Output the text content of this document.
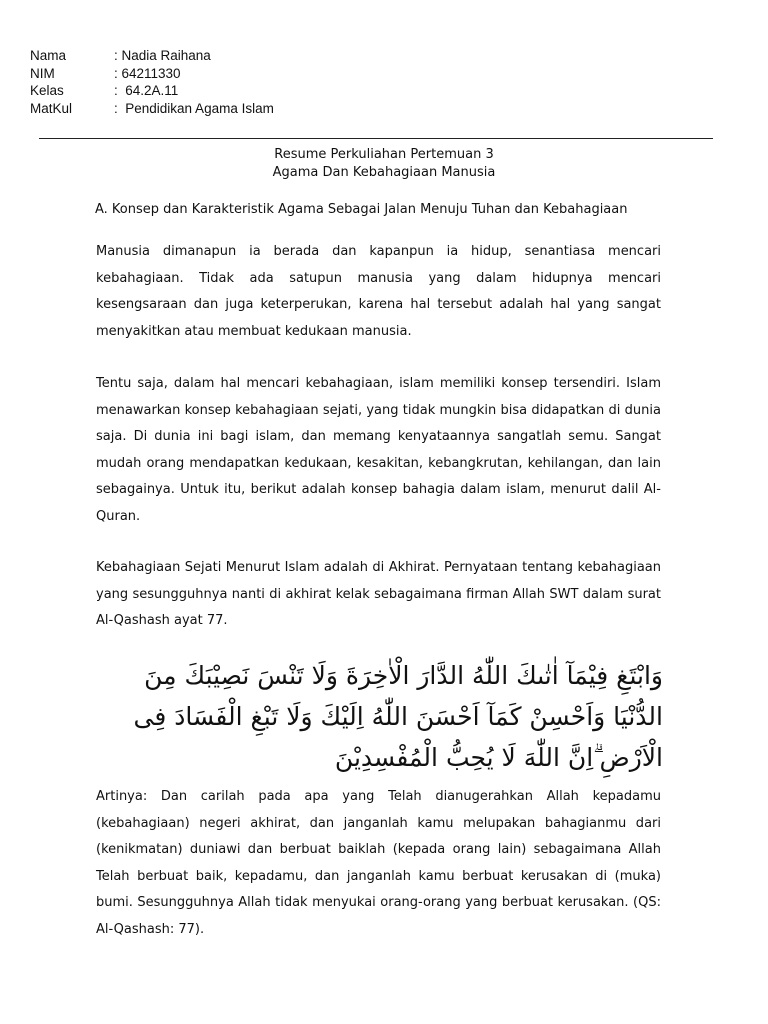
Nama	: Nadia Raihana
NIM	: 64211330
Kelas	:  64.2A.11
MatKul	:  Pendidikan Agama Islam
Resume Perkuliahan Pertemuan 3
Agama Dan Kebahagiaan Manusia
A. Konsep dan Karakteristik Agama Sebagai Jalan Menuju Tuhan dan Kebahagiaan

Manusia dimanapun ia berada dan kapanpun ia hidup, senantiasa mencari kebahagiaan. Tidak ada satupun manusia yang dalam hidupnya mencari kesengsaraan dan juga keterperukan, karena hal tersebut adalah hal yang sangat menyakitkan atau membuat kedukaan manusia.

Tentu saja, dalam hal mencari kebahagiaan, islam memiliki konsep tersendiri. Islam menawarkan konsep kebahagiaan sejati, yang tidak mungkin bisa didapatkan di dunia saja. Di dunia ini bagi islam, dan memang kenyataannya sangatlah semu. Sangat mudah orang mendapatkan kedukaan, kesakitan, kebangkrutan, kehilangan, dan lain sebagainya. Untuk itu, berikut adalah konsep bahagia dalam islam, menurut dalil Al-Quran.

Kebahagiaan Sejati Menurut Islam adalah di Akhirat. Pernyataan tentang kebahagiaan yang sesungguhnya nanti di akhirat kelak sebagaimana firman Allah SWT dalam surat Al-Qashash ayat 77.

وَابْتَغِ فِيْمَآ اٰتٰىكَ اللّٰهُ الدَّارَ الْاٰخِرَةَ وَلَا تَنْسَ نَصِيْبَكَ مِنَ الدُّنْيَا وَاَحْسِنْ كَمَآ اَحْسَنَ اللّٰهُ اِلَيْكَ وَلَا تَبْغِ الْفَسَادَ فِى الْاَرْضِ ۗاِنَّ اللّٰهَ لَا يُحِبُّ الْمُفْسِدِيْنَ

Artinya: Dan carilah pada apa yang Telah dianugerahkan Allah kepadamu (kebahagiaan) negeri akhirat, dan janganlah kamu melupakan bahagianmu dari (kenikmatan) duniawi dan berbuat baiklah (kepada orang lain) sebagaimana Allah Telah berbuat baik, kepadamu, dan janganlah kamu berbuat kerusakan di (muka) bumi. Sesungguhnya Allah tidak menyukai orang-orang yang berbuat kerusakan. (QS: Al-Qashash: 77).
